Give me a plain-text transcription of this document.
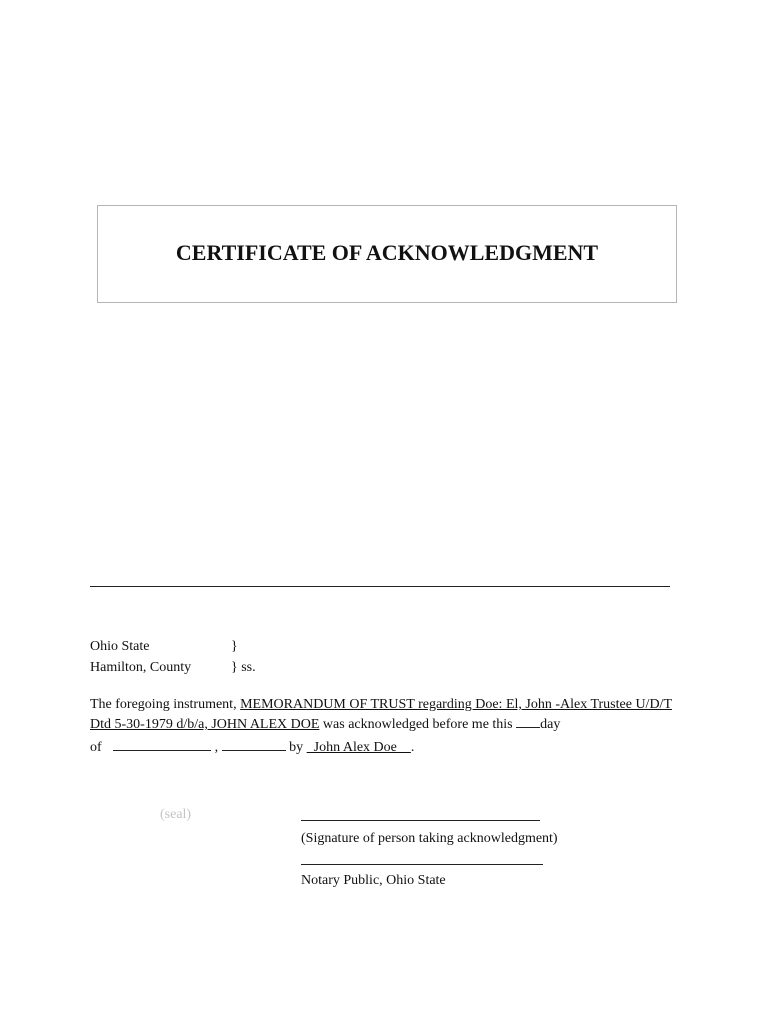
CERTIFICATE OF ACKNOWLEDGMENT
Ohio State	}
Hamilton, County	} ss.
The foregoing instrument, MEMORANDUM OF TRUST regarding Doe: El, John -Alex Trustee U/D/T
Dtd 5-30-1979 d/b/a, JOHN ALEX DOE was acknowledged before me this day
of	,	by   John Alex Doe    .
(seal)
(Signature of person taking acknowledgment)
Notary Public, Ohio State
